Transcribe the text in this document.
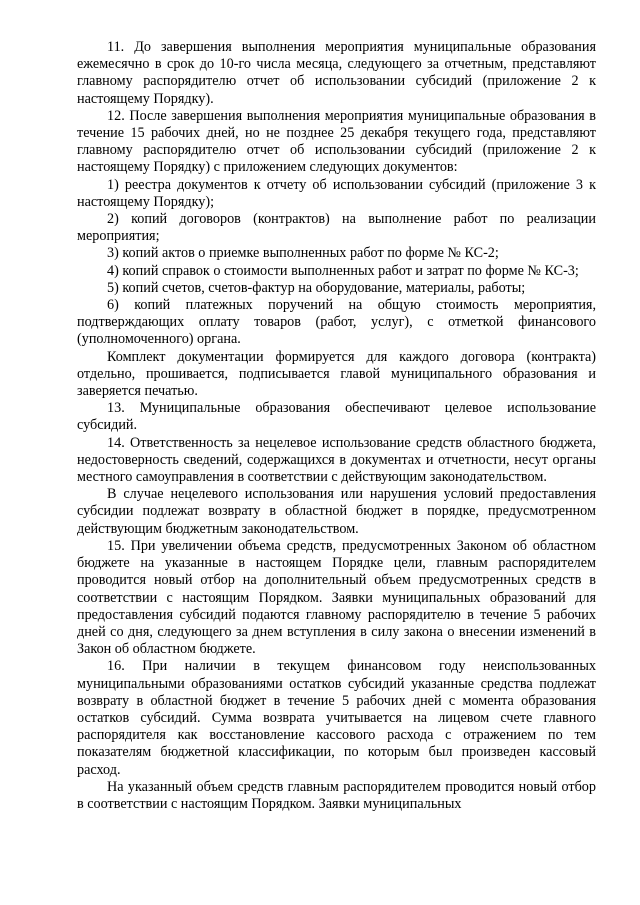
11. До завершения выполнения мероприятия муниципальные образования ежемесячно в срок до 10-го числа месяца, следующего за отчетным, представляют главному распорядителю отчет об использовании субсидий (приложение 2 к настоящему Порядку).

12. После завершения выполнения мероприятия муниципальные образования в течение 15 рабочих дней, но не позднее 25 декабря текущего года, представляют главному распорядителю отчет об использовании субсидий (приложение 2 к настоящему Порядку) с приложением следующих документов:

1) реестра документов к отчету об использовании субсидий (приложение 3 к настоящему Порядку);

2) копий договоров (контрактов) на выполнение работ по реализации мероприятия;

3) копий актов о приемке выполненных работ по форме № КС-2;

4) копий справок о стоимости выполненных работ и затрат по форме № КС-3;

5) копий счетов, счетов-фактур на оборудование, материалы, работы;

6) копий платежных поручений на общую стоимость мероприятия, подтверждающих оплату товаров (работ, услуг), с отметкой финансового (уполномоченного) органа.

Комплект документации формируется для каждого договора (контракта) отдельно, прошивается, подписывается главой муниципального образования и заверяется печатью.

13. Муниципальные образования обеспечивают целевое использование субсидий.

14. Ответственность за нецелевое использование средств областного бюджета, недостоверность сведений, содержащихся в документах и отчетности, несут органы местного самоуправления в соответствии с действующим законодательством.

В случае нецелевого использования или нарушения условий предоставления субсидии подлежат возврату в областной бюджет в порядке, предусмотренном действующим бюджетным законодательством.

15. При увеличении объема средств, предусмотренных Законом об областном бюджете на указанные в настоящем Порядке цели, главным распорядителем проводится новый отбор на дополнительный объем предусмотренных средств в соответствии с настоящим Порядком. Заявки муниципальных образований для предоставления субсидий подаются главному распорядителю в течение 5 рабочих дней со дня, следующего за днем вступления в силу закона о внесении изменений в Закон об областном бюджете.

16. При наличии в текущем финансовом году неиспользованных муниципальными образованиями остатков субсидий указанные средства подлежат возврату в областной бюджет в течение 5 рабочих дней с момента образования остатков субсидий. Сумма возврата учитывается на лицевом счете главного распорядителя как восстановление кассового расхода с отражением по тем показателям бюджетной классификации, по которым был произведен кассовый расход.

На указанный объем средств главным распорядителем проводится новый отбор в соответствии с настоящим Порядком. Заявки муниципальных
